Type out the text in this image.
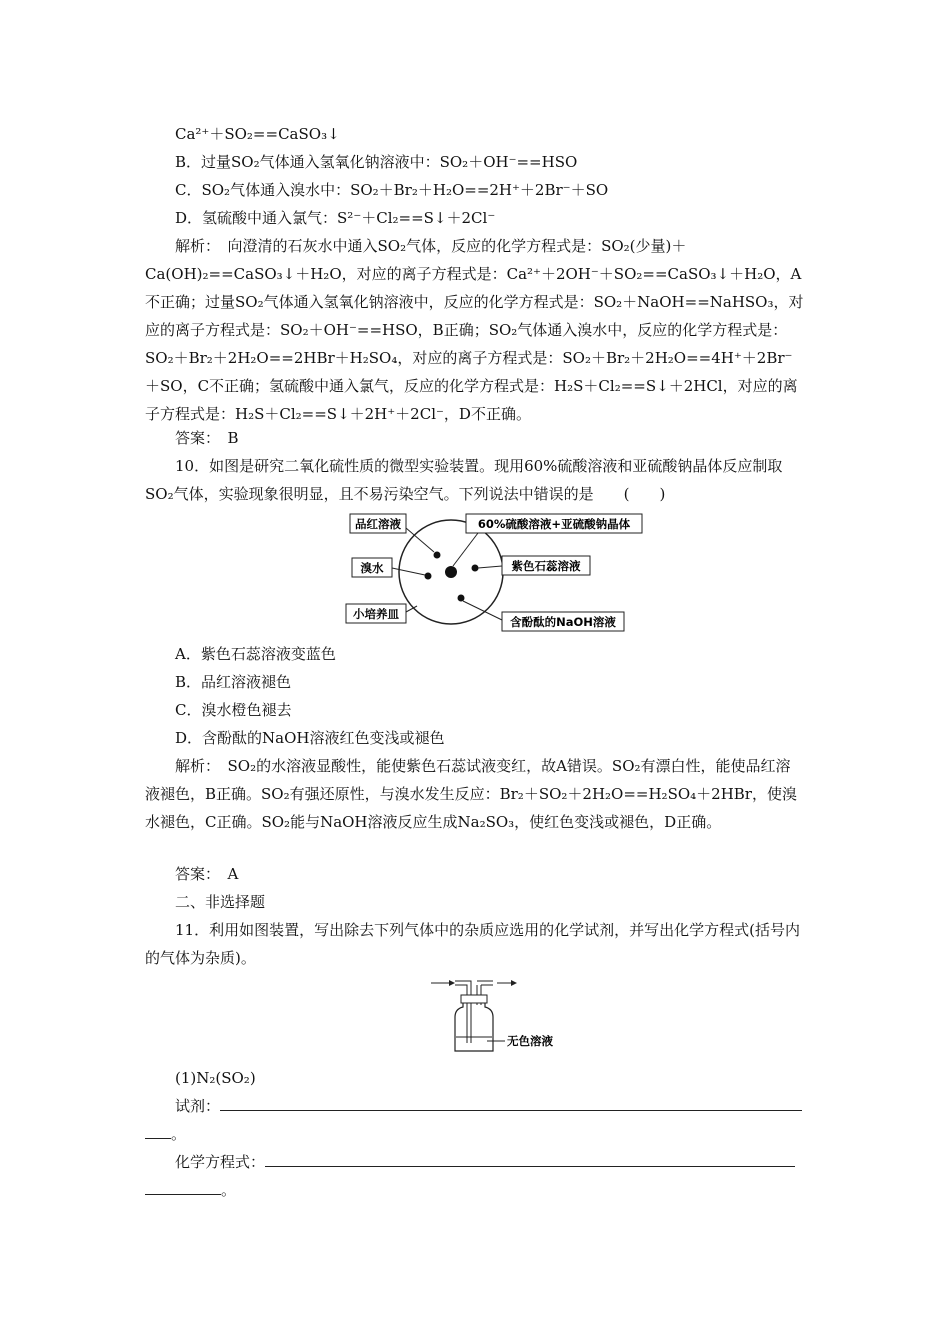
Ca²⁺＋SO₂==CaSO₃↓
B．过量SO₂气体通入氢氧化钠溶液中：SO₂＋OH⁻==HSO
C．SO₂气体通入溴水中：SO₂＋Br₂＋H₂O==2H⁺＋2Br⁻＋SO
D．氢硫酸中通入氯气：S²⁻＋Cl₂==S↓＋2Cl⁻
解析：　向澄清的石灰水中通入SO₂气体，反应的化学方程式是：SO₂(少量)＋Ca(OH)₂==CaSO₃↓＋H₂O，对应的离子方程式是：Ca²⁺＋2OH⁻＋SO₂==CaSO₃↓＋H₂O，A不正确；过量SO₂气体通入氢氧化钠溶液中，反应的化学方程式是：SO₂＋NaOH==NaHSO₃，对应的离子方程式是：SO₂＋OH⁻==HSO，B正确；SO₂气体通入溴水中，反应的化学方程式是：SO₂＋Br₂＋2H₂O==2HBr＋H₂SO₄，对应的离子方程式是：SO₂＋Br₂＋2H₂O==4H⁺＋2Br⁻＋SO，C不正确；氢硫酸中通入氯气，反应的化学方程式是：H₂S＋Cl₂==S↓＋2HCl，对应的离子方程式是：H₂S＋Cl₂==S↓＋2H⁺＋2Cl⁻，D不正确。
答案：　B
10．如图是研究二氧化硫性质的微型实验装置。现用60%硫酸溶液和亚硫酸钠晶体反应制取SO₂气体，实验现象很明显，且不易污染空气。下列说法中错误的是　　(　　)
品红溶液	60%硫酸溶液+亚硫酸钠晶体
溴水	紫色石蕊溶液
小培养皿
含酚酞的NaOH溶液
A．紫色石蕊溶液变蓝色
B．品红溶液褪色
C．溴水橙色褪去
D．含酚酞的NaOH溶液红色变浅或褪色
解析：　SO₂的水溶液显酸性，能使紫色石蕊试液变红，故A错误。SO₂有漂白性，能使品红溶液褪色，B正确。SO₂有强还原性，与溴水发生反应：Br₂＋SO₂＋2H₂O==H₂SO₄＋2HBr，使溴水褪色，C正确。SO₂能与NaOH溶液反应生成Na₂SO₃，使红色变浅或褪色，D正确。
答案：　A
二、非选择题
11．利用如图装置，写出除去下列气体中的杂质应选用的化学试剂，并写出化学方程式(括号内的气体为杂质)。
无色溶液
(1)N₂(SO₂)
试剂：
。
化学方程式：
。
